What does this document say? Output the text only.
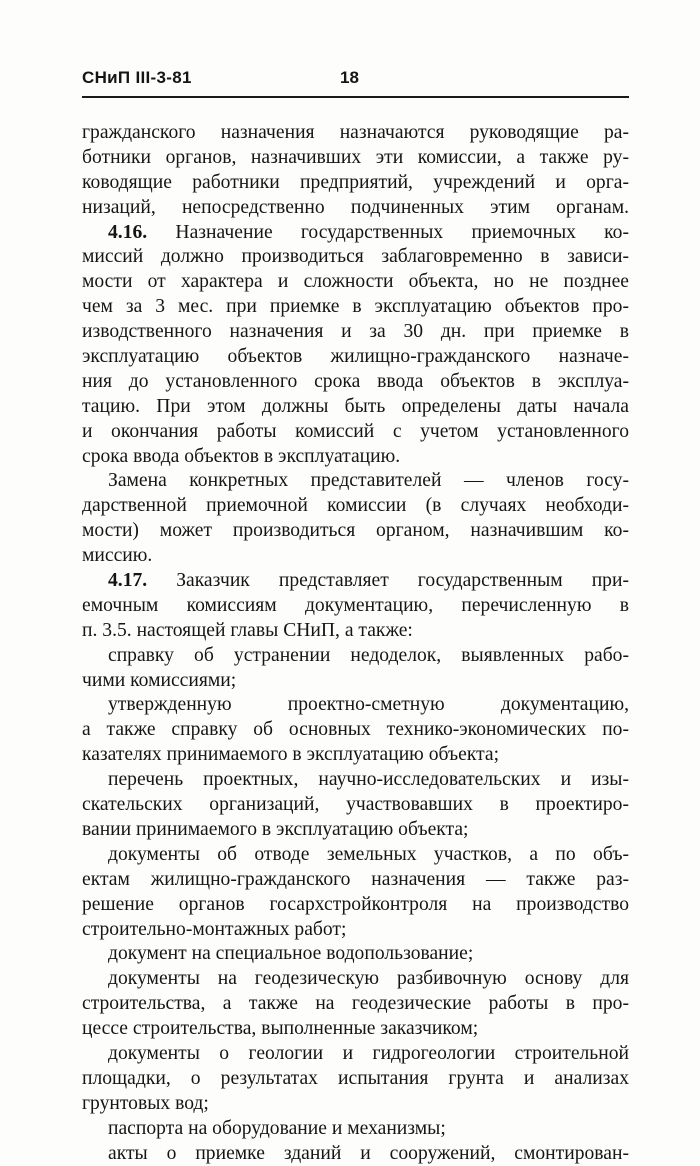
СНиП III-3-81	18
гражданского назначения назначаются руководящие ра-
ботники органов, назначивших эти комиссии, а также ру-
ководящие работники предприятий, учреждений и орга-
низаций, непосредственно подчиненных этим органам.
4.16. Назначение государственных приемочных ко-
миссий должно производиться заблаговременно в зависи-
мости от характера и сложности объекта, но не позднее
чем за 3 мес. при приемке в эксплуатацию объектов про-
изводственного назначения и за 30 дн. при приемке в
эксплуатацию объектов жилищно-гражданского назначе-
ния до установленного срока ввода объектов в эксплуа-
тацию. При этом должны быть определены даты начала
и окончания работы комиссий с учетом установленного
срока ввода объектов в эксплуатацию.
Замена конкретных представителей — членов госу-
дарственной приемочной комиссии (в случаях необходи-
мости) может производиться органом, назначившим ко-
миссию.
4.17. Заказчик представляет государственным при-
емочным комиссиям документацию, перечисленную в
п. 3.5. настоящей главы СНиП, а также:
справку об устранении недоделок, выявленных рабо-
чими комиссиями;
утвержденную проектно-сметную документацию,
а также справку об основных технико-экономических по-
казателях принимаемого в эксплуатацию объекта;
перечень проектных, научно-исследовательских и изы-
скательских организаций, участвовавших в проектиро-
вании принимаемого в эксплуатацию объекта;
документы об отводе земельных участков, а по объ-
ектам жилищно-гражданского назначения — также раз-
решение органов госархстройконтроля на производство
строительно-монтажных работ;
документ на специальное водопользование;
документы на геодезическую разбивочную основу для
строительства, а также на геодезические работы в про-
цессе строительства, выполненные заказчиком;
документы о геологии и гидрогеологии строительной
площадки, о результатах испытания грунта и анализах
грунтовых вод;
паспорта на оборудование и механизмы;
акты о приемке зданий и сооружений, смонтирован-
